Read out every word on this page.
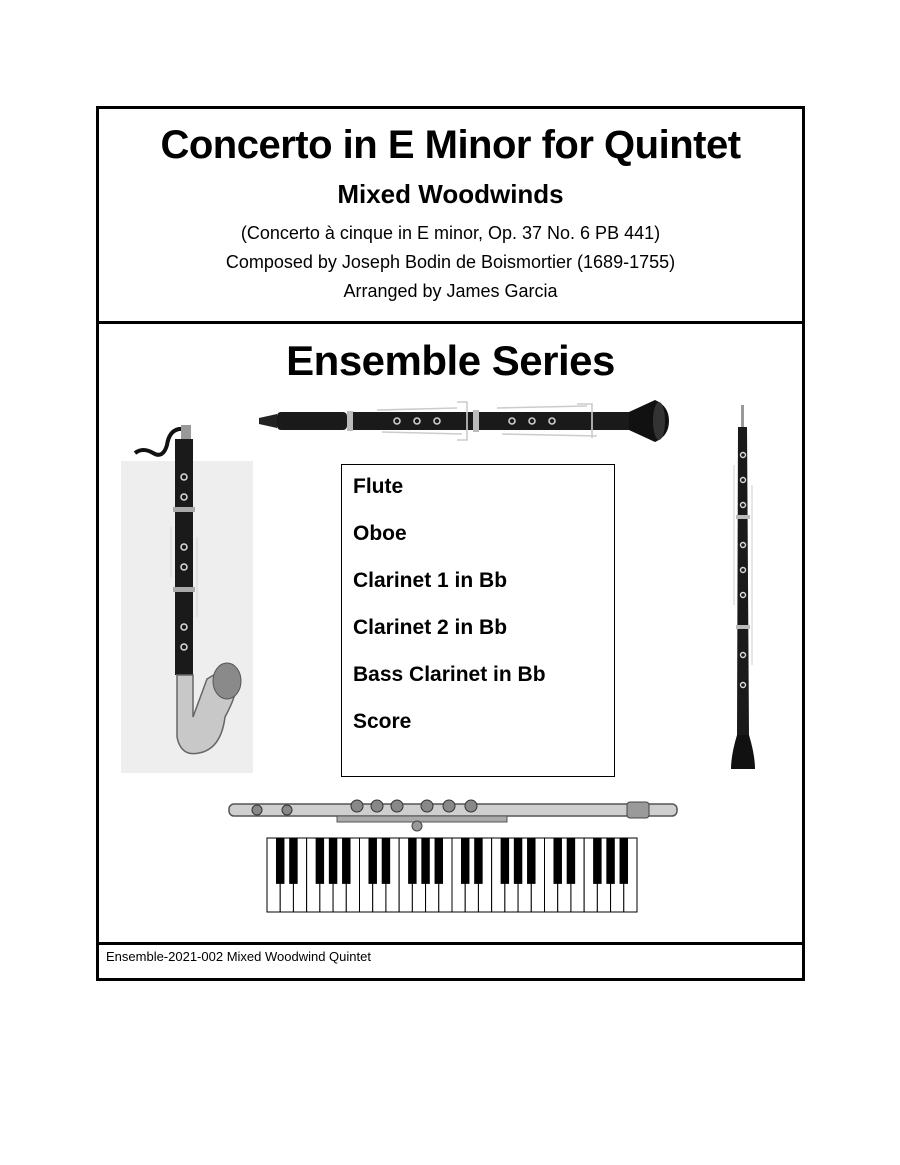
Concerto in E Minor for Quintet
Mixed Woodwinds
(Concerto à cinque in E minor, Op. 37 No. 6 PB 441)
Composed by Joseph Bodin de Boismortier (1689-1755)
Arranged by James Garcia
Ensemble Series
Flute
Oboe
Clarinet 1 in Bb
Clarinet 2 in Bb
Bass Clarinet in Bb
Score
Ensemble-2021-002 Mixed Woodwind Quintet
